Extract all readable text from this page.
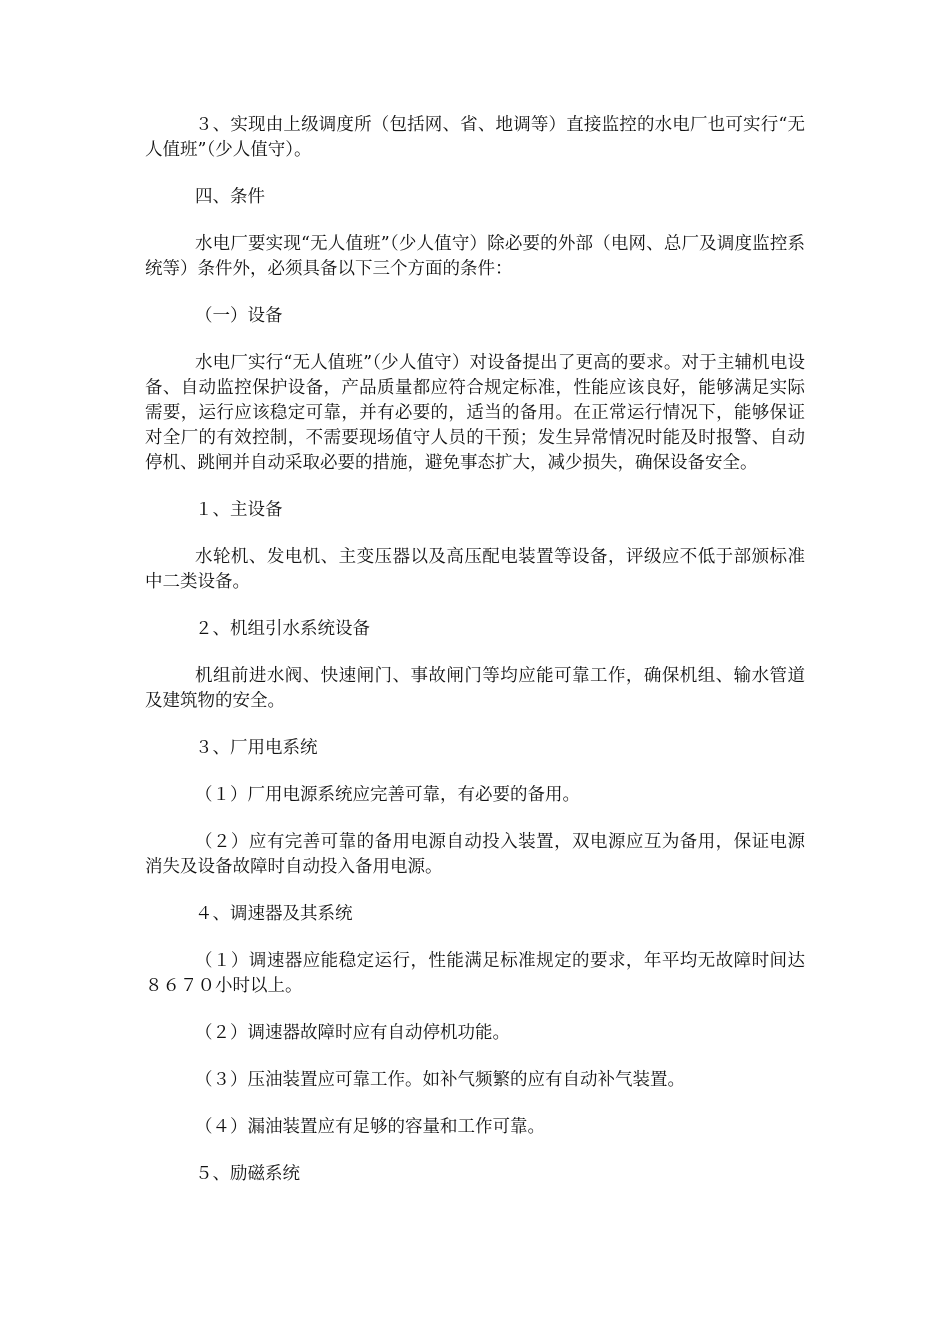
３、实现由上级调度所（包括网、省、地调等）直接监控的水电厂也可实行“无人值班”（少人值守）。

四、条件

水电厂要实现“无人值班”（少人值守）除必要的外部（电网、总厂及调度监控系统等）条件外，必须具备以下三个方面的条件：

（一）设备

水电厂实行“无人值班”（少人值守）对设备提出了更高的要求。对于主辅机电设备、自动监控保护设备，产品质量都应符合规定标准，性能应该良好，能够满足实际需要，运行应该稳定可靠，并有必要的，适当的备用。在正常运行情况下，能够保证对全厂的有效控制，不需要现场值守人员的干预；发生异常情况时能及时报警、自动停机、跳闸并自动采取必要的措施，避免事态扩大，减少损失，确保设备安全。

１、主设备

水轮机、发电机、主变压器以及高压配电装置等设备，评级应不低于部颁标准中二类设备。

２、机组引水系统设备

机组前进水阀、快速闸门、事故闸门等均应能可靠工作，确保机组、输水管道及建筑物的安全。

３、厂用电系统

（１）厂用电源系统应完善可靠，有必要的备用。

（２）应有完善可靠的备用电源自动投入装置，双电源应互为备用，保证电源消失及设备故障时自动投入备用电源。

４、调速器及其系统

（１）调速器应能稳定运行，性能满足标准规定的要求，年平均无故障时间达８６７０小时以上。

（２）调速器故障时应有自动停机功能。

（３）压油装置应可靠工作。如补气频繁的应有自动补气装置。

（４）漏油装置应有足够的容量和工作可靠。

５、励磁系统
